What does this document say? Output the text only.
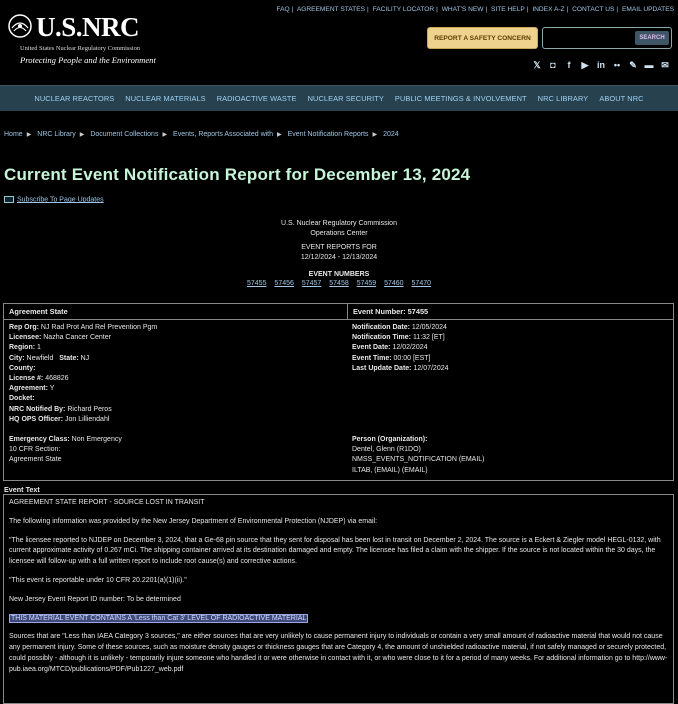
U.S.NRC
United States Nuclear Regulatory Commission
Protecting People and the Environment
FAQ | AGREEMENT STATES | FACILITY LOCATOR | WHAT'S NEW | SITE HELP | INDEX A-Z | CONTACT US | EMAIL UPDATES
REPORT A SAFETY CONCERN	SEARCH
𝕏 ◘	f	▶ in •• ✎ ▬ ✉
NUCLEAR REACTORS NUCLEAR MATERIALS RADIOACTIVE WASTE NUCLEAR SECURITY PUBLIC MEETINGS & INVOLVEMENT NRC LIBRARY ABOUT NRC
Home ▶ NRC Library ▶ Document Collections ▶ Events, Reports Associated with ▶ Event Notification Reports ▶ 2024
Current Event Notification Report for December 13, 2024
Subscribe To Page Updates
U.S. Nuclear Regulatory Commission
Operations Center
EVENT REPORTS FOR
12/12/2024 - 12/13/2024
EVENT NUMBERS
57455 57456 57457 57458 57459 57460 57470
Agreement State	Event Number: 57455
Rep Org: NJ Rad Prot And Rel Prevention Pgm
Licensee: Nazha Cancer Center
Region: 1
City: Newfield State: NJ
County:
License #: 468826
Agreement: Y
Docket:
NRC Notified By: Richard Peros
HQ OPS Officer: Jon Lilliendahl
Notification Date: 12/05/2024
Notification Time: 11:32 [ET]
Event Date: 12/02/2024
Event Time: 00:00 [EST]
Last Update Date: 12/07/2024
Emergency Class: Non Emergency
10 CFR Section:
Agreement State
Person (Organization):
Dentel, Glenn (R1DO)
NMSS_EVENTS_NOTIFICATION (EMAIL)
ILTAB, (EMAIL) (EMAIL)
Event Text

AGREEMENT STATE REPORT - SOURCE LOST IN TRANSIT

The following information was provided by the New Jersey Department of Environmental Protection (NJDEP) via email:

"The licensee reported to NJDEP on December 3, 2024, that a Ge-68 pin source that they sent for disposal has been lost in transit on December 2, 2024. The source is a Eckert & Ziegler model HEGL-0132, with current approximate activity of 0.267 mCi. The shipping container arrived at its destination damaged and empty. The licensee has filed a claim with the shipper. If the source is not located within the 30 days, the licensee will follow-up with a full written report to include root cause(s) and corrective actions.

"This event is reportable under 10 CFR 20.2201(a)(1)(ii)."

New Jersey Event Report ID number: To be determined

THIS MATERIAL EVENT CONTAINS A 'Less than Cat 3' LEVEL OF RADIOACTIVE MATERIAL

Sources that are "Less than IAEA Category 3 sources," are either sources that are very unlikely to cause permanent injury to individuals or contain a very small amount of radioactive material that would not cause any permanent injury. Some of these sources, such as moisture density gauges or thickness gauges that are Category 4, the amount of unshielded radioactive material, if not safely managed or securely protected, could possibly - although it is unlikely - temporarily injure someone who handled it or were otherwise in contact with it, or who were close to it for a period of many weeks. For additional information go to http://www-pub.iaea.org/MTCD/publications/PDF/Pub1227_web.pdf
